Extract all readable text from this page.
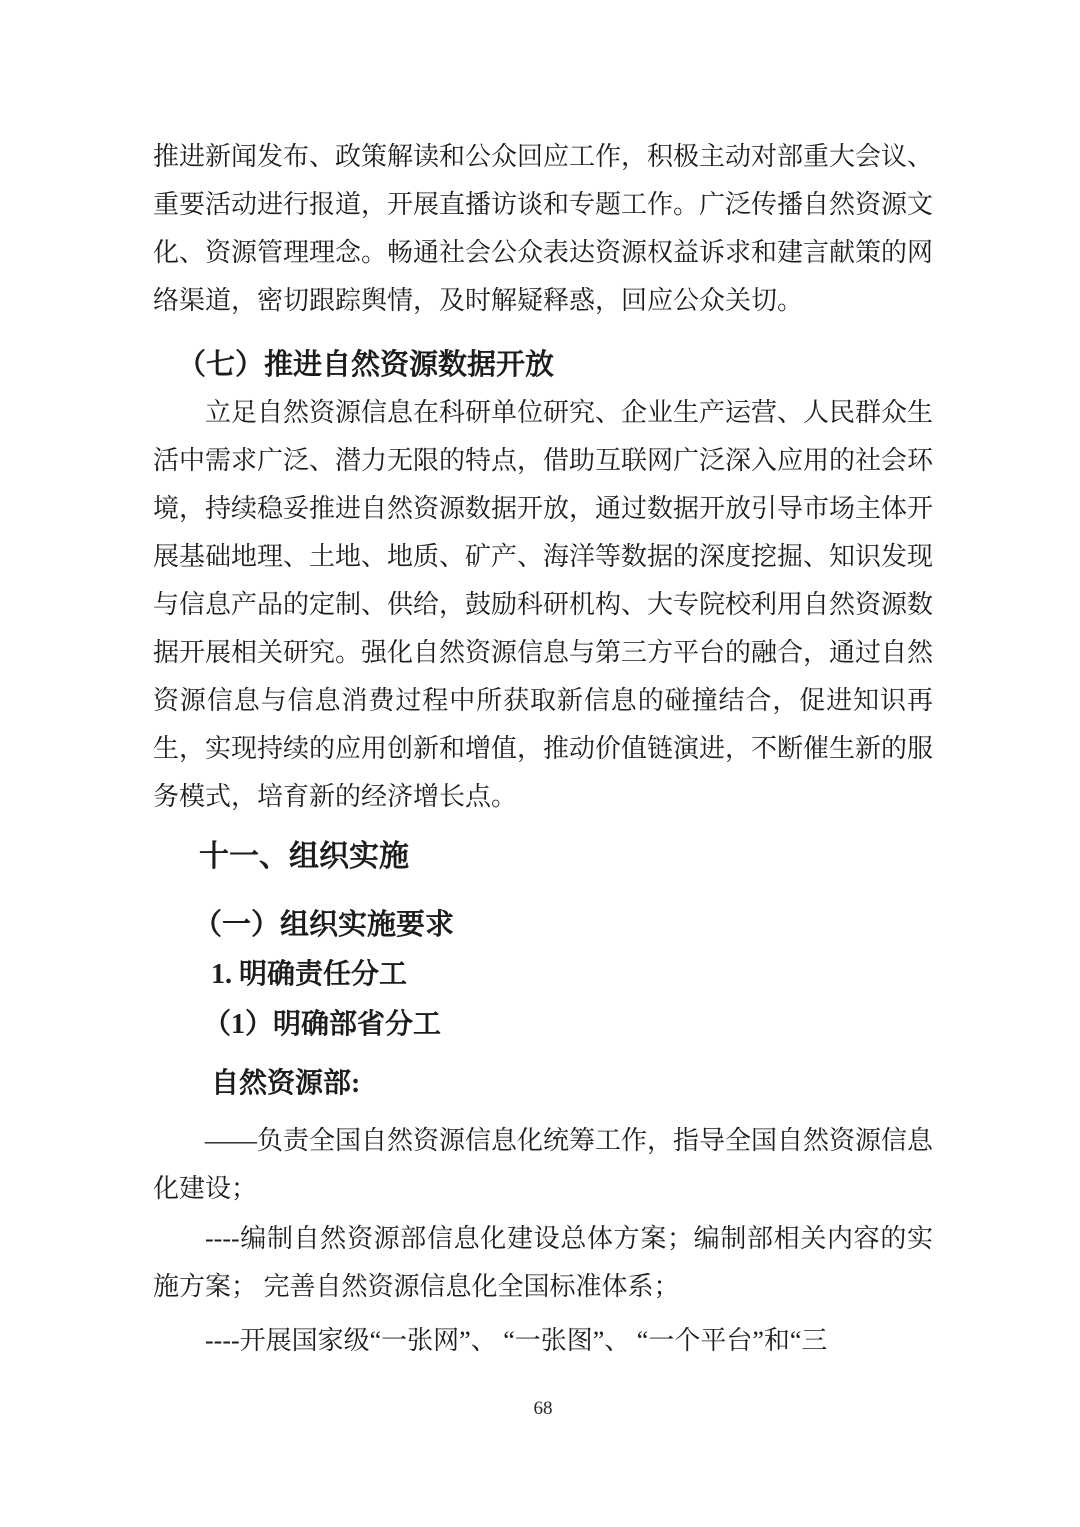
推进新闻发布、政策解读和公众回应工作，积极主动对部重大会议、
重要活动进行报道，开展直播访谈和专题工作。广泛传播自然资源文
化、资源管理理念。畅通社会公众表达资源权益诉求和建言献策的网
络渠道，密切跟踪舆情，及时解疑释惑，回应公众关切。
（七）推进自然资源数据开放
立足自然资源信息在科研单位研究、企业生产运营、人民群众生
活中需求广泛、潜力无限的特点，借助互联网广泛深入应用的社会环
境，持续稳妥推进自然资源数据开放，通过数据开放引导市场主体开
展基础地理、土地、地质、矿产、海洋等数据的深度挖掘、知识发现
与信息产品的定制、供给，鼓励科研机构、大专院校利用自然资源数
据开展相关研究。强化自然资源信息与第三方平台的融合，通过自然
资源信息与信息消费过程中所获取新信息的碰撞结合，促进知识再
生，实现持续的应用创新和增值，推动价值链演进，不断催生新的服
务模式，培育新的经济增长点。
十一、组织实施
（一）组织实施要求
1. 明确责任分工
（1）明确部省分工
自然资源部:
——负责全国自然资源信息化统筹工作，指导全国自然资源信息
化建设；
----编制自然资源部信息化建设总体方案；编制部相关内容的实
施方案； 完善自然资源信息化全国标准体系；
----开展国家级“一张网”、 “一张图”、 “一个平台”和“三
68
